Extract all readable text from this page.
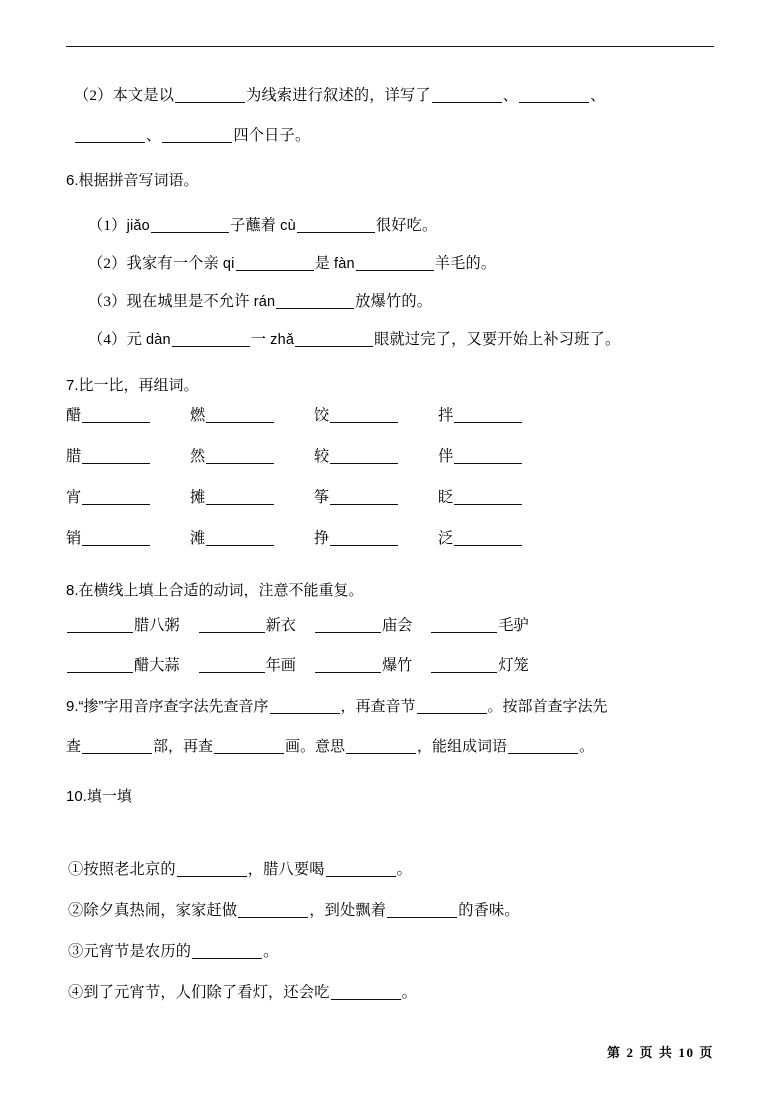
（2）本文是以	为线索进行叙述的，详写了	、	、
、	四个日子。
6.根据拼音写词语。
（1）jiǎo	子蘸着 cù	很好吃。
（2）我家有一个亲 qi	是 fàn	羊毛的。
（3）现在城里是不允许 rán	放爆竹的。
（4）元 dàn	一 zhǎ	眼就过完了，又要开始上补习班了。
7.比一比，再组词。
醋	燃	饺	拌
腊	然	较	伴
宵	摊	筝	眨
销	滩	挣	泛
8.在横线上填上合适的动词，注意不能重复。
腊八粥	新衣	庙会	毛驴
醋大蒜	年画	爆竹	灯笼
9.“掺”字用音序查字法先查音序	，再查音节	。按部首查字法先
查	部，再查	画。意思	，能组成词语	。
10.填一填
①按照老北京的	，腊八要喝	。
②除夕真热闹，家家赶做	，到处飘着	的香味。
③元宵节是农历的	。
④到了元宵节，人们除了看灯，还会吃	。
第 2 页 共 10 页
